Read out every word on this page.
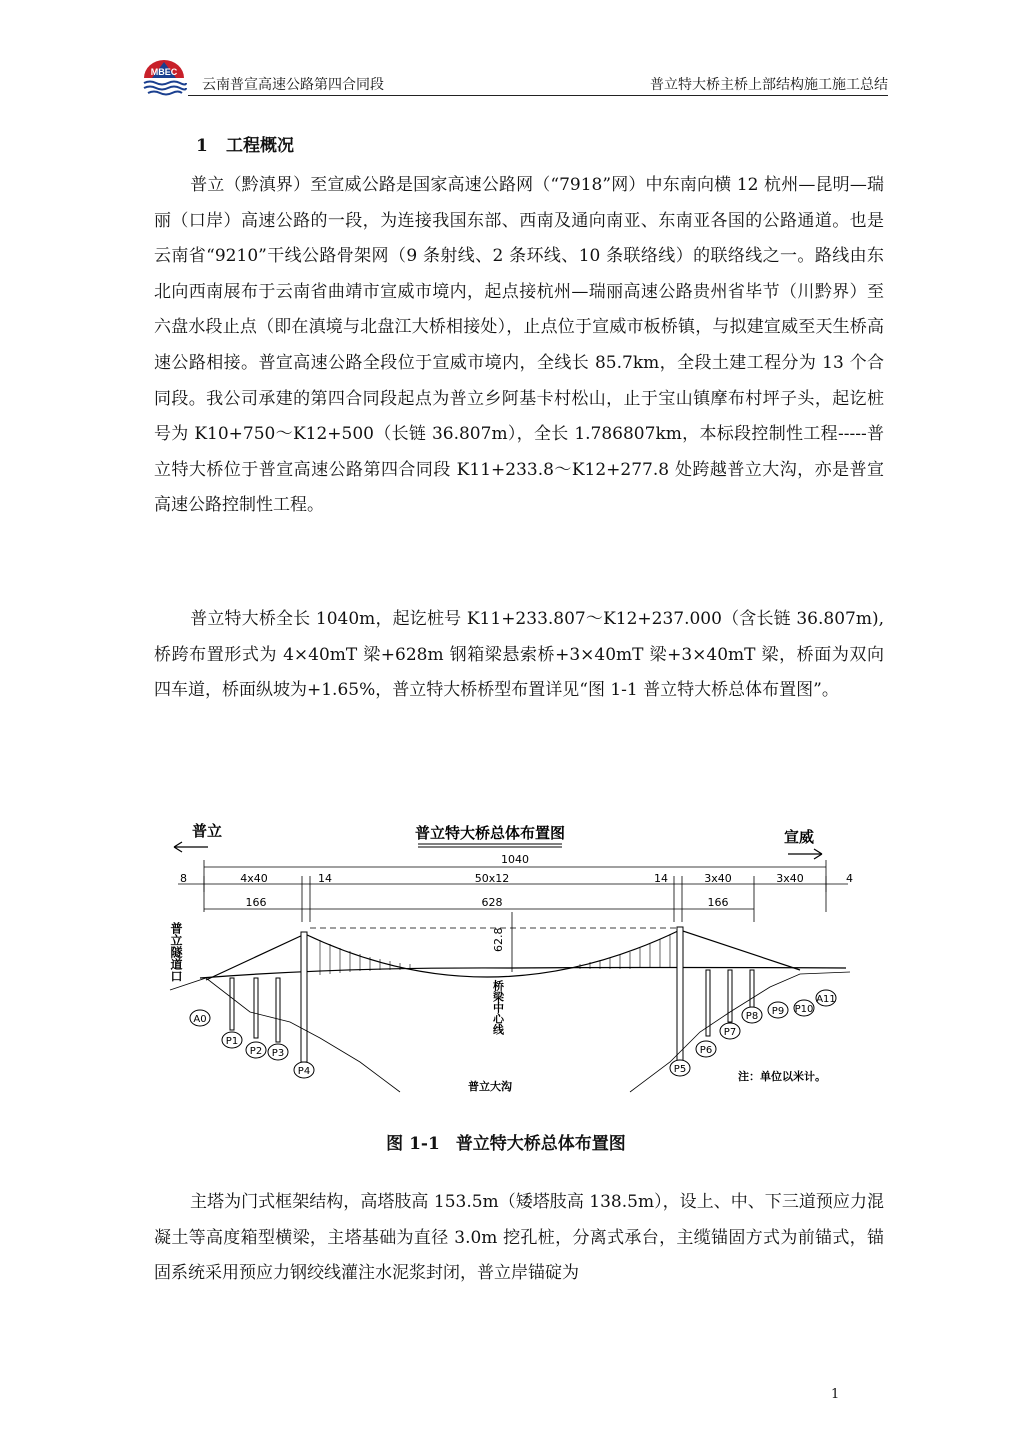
MBEC
云南普宣高速公路第四合同段	普立特大桥主桥上部结构施工施工总结
1 工程概况

普立（黔滇界）至宣威公路是国家高速公路网（“7918”网）中东南向横 12 杭州—昆明—瑞丽（口岸）高速公路的一段，为连接我国东部、西南及通向南亚、东南亚各国的公路通道。也是云南省“9210”干线公路骨架网（9 条射线、2 条环线、10 条联络线）的联络线之一。路线由东北向西南展布于云南省曲靖市宣威市境内，起点接杭州—瑞丽高速公路贵州省毕节（川黔界）至六盘水段止点（即在滇境与北盘江大桥相接处），止点位于宣威市板桥镇，与拟建宣威至天生桥高速公路相接。普宣高速公路全段位于宣威市境内，全线长 85.7km，全段土建工程分为 13 个合同段。我公司承建的第四合同段起点为普立乡阿基卡村松山，止于宝山镇摩布村坪子头，起讫桩号为 K10+750～K12+500（长链 36.807m），全长 1.786807km，本标段控制性工程-----普立特大桥位于普宣高速公路第四合同段 K11+233.8～K12+277.8 处跨越普立大沟，亦是普宣高速公路控制性工程。

普立特大桥全长 1040m，起讫桩号 K11+233.807～K12+237.000（含长链 36.807m),桥跨布置形式为 4×40mT 梁+628m 钢箱梁悬索桥+3×40mT 梁+3×40mT 梁，桥面为双向四车道，桥面纵坡为+1.65%，普立特大桥桥型布置详见“图 1-1 普立特大桥总体布置图”。

普立特大桥总体布置图
普立	宣威
1040
8	4x40	14	50x12	14	3x40	3x40	4
166	628	166
普立隧道口	62.8
桥梁中心线
普立大沟
A0
P1
P2 P3
P4	P5
P6
P7
P8 P9 P10
A11
注：单位以米计。
图 1-1 普立特大桥总体布置图

主塔为门式框架结构，高塔肢高 153.5m（矮塔肢高 138.5m），设上、中、下三道预应力混凝土等高度箱型横梁，主塔基础为直径 3.0m 挖孔桩，分离式承台，主缆锚固方式为前锚式，锚固系统采用预应力钢绞线灌注水泥浆封闭，普立岸锚碇为

1
